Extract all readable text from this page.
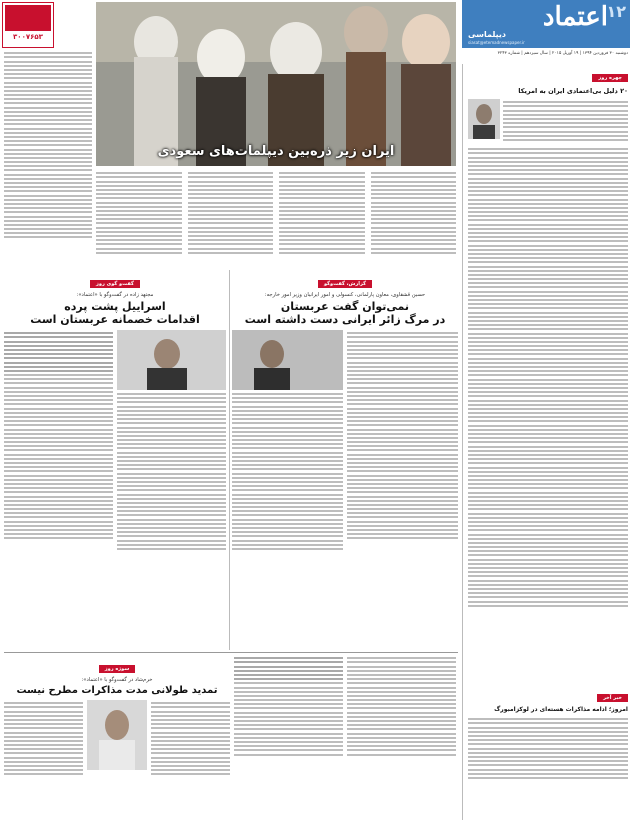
۱۲
اعتماد
دیپلماسی
siasat@etemadnewspaper.ir
دوشنبه ۳۰ فروردین ۱۳۹۴ | ۱۹ آوریل ۲۰۱۵ | سال سیزدهم | شماره ۳۲۴۳
۳۰۰۷۶۵۳
ایران زیر ذره‌بین دیپلمات‌های سعودی
چهره روز
۲۰ دلیل بی‌اعتمادی ایران به امریکا
خبر آخر
امروز؛ ادامه مذاکرات هسته‌ای در لوکزامبورگ
گزارش، گفت‌وگو
حسین قشقاوی، معاون پارلمانی، کنسولی و امور ایرانیان وزیر امور خارجه:
نمی‌توان گفت عربستان
در مرگ زائر ایرانی دست داشته است
گفت‌و گوی روز
مجتهد زاده در گفت‌وگو با «اعتماد»:
اسراییل پشت پرده
اقدامات خصمانه عربستان است
سوژه روز
خرم‌شاد در گفت‌وگو با «اعتماد»:
تمدید طولانی مدت مذاکرات مطرح نیست
